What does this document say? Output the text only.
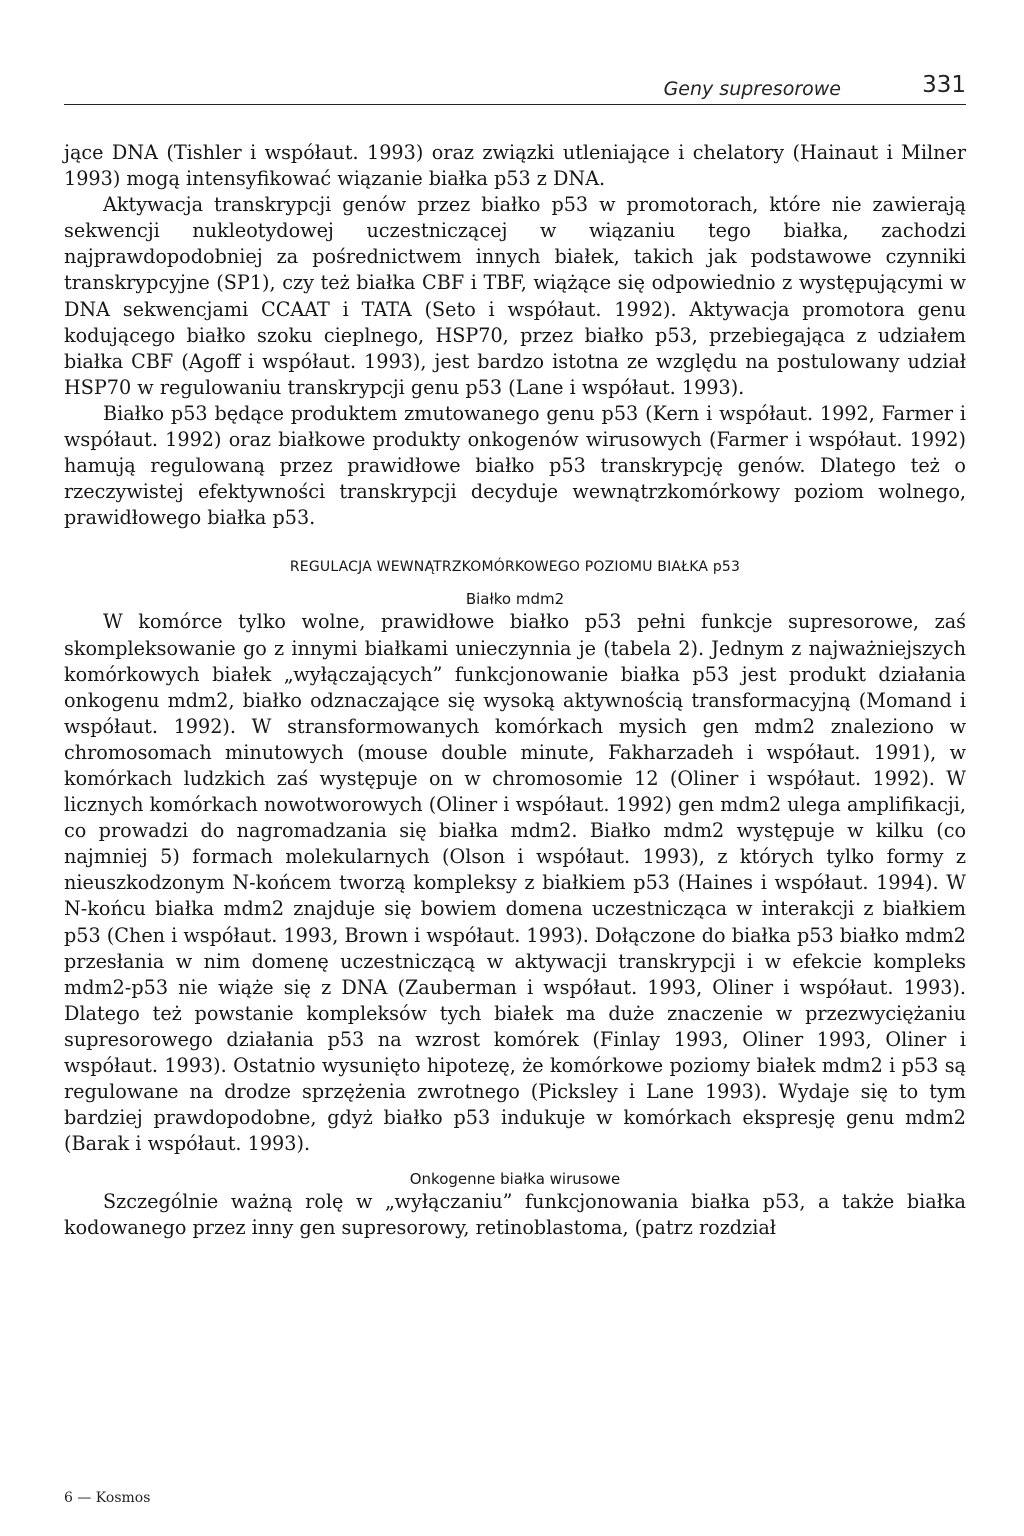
Geny supresorowe	331

jące DNA (Tishler i współaut. 1993) oraz związki utleniające i chelatory (Hainaut i Milner 1993) mogą intensyfikować wiązanie białka p53 z DNA.

Aktywacja transkrypcji genów przez białko p53 w promotorach, które nie zawierają sekwencji nukleotydowej uczestniczącej w wiązaniu tego białka, zachodzi najprawdopodobniej za pośrednictwem innych białek, takich jak podstawowe czynniki transkrypcyjne (SP1), czy też białka CBF i TBF, wiążące się odpowiednio z występującymi w DNA sekwencjami CCAAT i TATA (Seto i współaut. 1992). Aktywacja promotora genu kodującego białko szoku cieplnego, HSP70, przez białko p53, przebiegająca z udziałem białka CBF (Agoff i współaut. 1993), jest bardzo istotna ze względu na postulowany udział HSP70 w regulowaniu transkrypcji genu p53 (Lane i współaut. 1993).

Białko p53 będące produktem zmutowanego genu p53 (Kern i współaut. 1992, Farmer i współaut. 1992) oraz białkowe produkty onkogenów wirusowych (Farmer i współaut. 1992) hamują regulowaną przez prawidłowe białko p53 transkrypcję genów. Dlatego też o rzeczywistej efektywności transkrypcji decyduje wewnątrzkomórkowy poziom wolnego, prawidłowego białka p53.

REGULACJA WEWNĄTRZKOMÓRKOWEGO POZIOMU BIAŁKA p53
Białko mdm2

W komórce tylko wolne, prawidłowe białko p53 pełni funkcje supresorowe, zaś skompleksowanie go z innymi białkami unieczynnia je (tabela 2). Jednym z najważniejszych komórkowych białek „wyłączających” funkcjonowanie białka p53 jest produkt działania onkogenu mdm2, białko odznaczające się wysoką aktywnością transformacyjną (Momand i współaut. 1992). W stransformowanych komórkach mysich gen mdm2 znaleziono w chromosomach minutowych (mouse double minute, Fakharzadeh i współaut. 1991), w komórkach ludzkich zaś występuje on w chromosomie 12 (Oliner i współaut. 1992). W licznych komórkach nowotworowych (Oliner i współaut. 1992) gen mdm2 ulega amplifikacji, co prowadzi do nagromadzania się białka mdm2. Białko mdm2 występuje w kilku (co najmniej 5) formach molekularnych (Olson i współaut. 1993), z których tylko formy z nieuszkodzonym N-końcem tworzą kompleksy z białkiem p53 (Haines i współaut. 1994). W N-końcu białka mdm2 znajduje się bowiem domena uczestnicząca w interakcji z białkiem p53 (Chen i współaut. 1993, Brown i współaut. 1993). Dołączone do białka p53 białko mdm2 przesłania w nim domenę uczestniczącą w aktywacji transkrypcji i w efekcie kompleks mdm2-p53 nie wiąże się z DNA (Zauberman i współaut. 1993, Oliner i współaut. 1993). Dlatego też powstanie kompleksów tych białek ma duże znaczenie w przezwyciężaniu supresorowego działania p53 na wzrost komórek (Finlay 1993, Oliner 1993, Oliner i współaut. 1993). Ostatnio wysunięto hipotezę, że komórkowe poziomy białek mdm2 i p53 są regulowane na drodze sprzężenia zwrotnego (Picksley i Lane 1993). Wydaje się to tym bardziej prawdopodobne, gdyż białko p53 indukuje w komórkach ekspresję genu mdm2 (Barak i współaut. 1993).

Onkogenne białka wirusowe

Szczególnie ważną rolę w „wyłączaniu” funkcjonowania białka p53, a także białka kodowanego przez inny gen supresorowy, retinoblastoma, (patrz rozdział

6 — Kosmos
